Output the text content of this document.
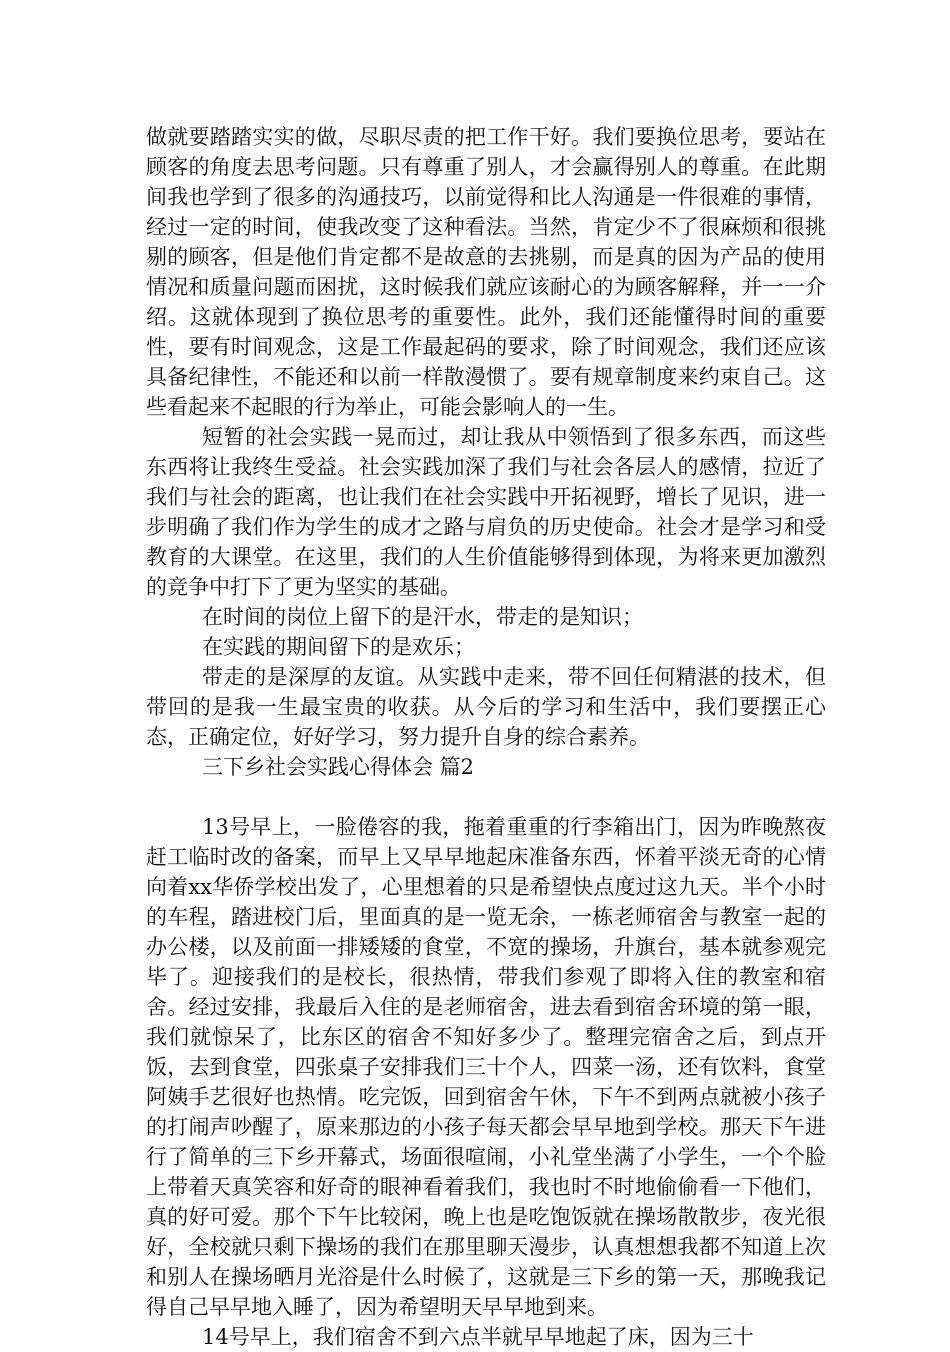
做就要踏踏实实的做，尽职尽责的把工作干好。我们要换位思考，要站在顾客的角度去思考问题。只有尊重了别人，才会赢得别人的尊重。在此期间我也学到了很多的沟通技巧，以前觉得和比人沟通是一件很难的事情，经过一定的时间，使我改变了这种看法。当然，肯定少不了很麻烦和很挑剔的顾客，但是他们肯定都不是故意的去挑剔，而是真的因为产品的使用情况和质量问题而困扰，这时候我们就应该耐心的为顾客解释，并一一介绍。这就体现到了换位思考的重要性。此外，我们还能懂得时间的重要性，要有时间观念，这是工作最起码的要求，除了时间观念，我们还应该具备纪律性，不能还和以前一样散漫惯了。要有规章制度来约束自己。这些看起来不起眼的行为举止，可能会影响人的一生。

短暂的社会实践一晃而过，却让我从中领悟到了很多东西，而这些东西将让我终生受益。社会实践加深了我们与社会各层人的感情，拉近了我们与社会的距离，也让我们在社会实践中开拓视野，增长了见识，进一步明确了我们作为学生的成才之路与肩负的历史使命。社会才是学习和受教育的大课堂。在这里，我们的人生价值能够得到体现，为将来更加激烈的竞争中打下了更为坚实的基础。

在时间的岗位上留下的是汗水，带走的是知识；

在实践的期间留下的是欢乐；

带走的是深厚的友谊。从实践中走来，带不回任何精湛的技术，但带回的是我一生最宝贵的收获。从今后的学习和生活中，我们要摆正心态，正确定位，好好学习，努力提升自身的综合素养。

三下乡社会实践心得体会 篇2

13号早上，一脸倦容的我，拖着重重的行李箱出门，因为昨晚熬夜赶工临时改的备案，而早上又早早地起床准备东西，怀着平淡无奇的心情向着xx华侨学校出发了，心里想着的只是希望快点度过这九天。半个小时的车程，踏进校门后，里面真的是一览无余，一栋老师宿舍与教室一起的办公楼，以及前面一排矮矮的食堂，不宽的操场，升旗台，基本就参观完毕了。迎接我们的是校长，很热情，带我们参观了即将入住的教室和宿舍。经过安排，我最后入住的是老师宿舍，进去看到宿舍环境的第一眼，我们就惊呆了，比东区的宿舍不知好多少了。整理完宿舍之后，到点开饭，去到食堂，四张桌子安排我们三十个人，四菜一汤，还有饮料，食堂阿姨手艺很好也热情。吃完饭，回到宿舍午休，下午不到两点就被小孩子的打闹声吵醒了，原来那边的小孩子每天都会早早地到学校。那天下午进行了简单的三下乡开幕式，场面很喧闹，小礼堂坐满了小学生，一个个脸上带着天真笑容和好奇的眼神看着我们，我也时不时地偷偷看一下他们，真的好可爱。那个下午比较闲，晚上也是吃饱饭就在操场散散步，夜光很好，全校就只剩下操场的我们在那里聊天漫步，认真想想我都不知道上次和别人在操场晒月光浴是什么时候了，这就是三下乡的第一天，那晚我记得自己早早地入睡了，因为希望明天早早地到来。

14号早上，我们宿舍不到六点半就早早地起了床，因为三十
